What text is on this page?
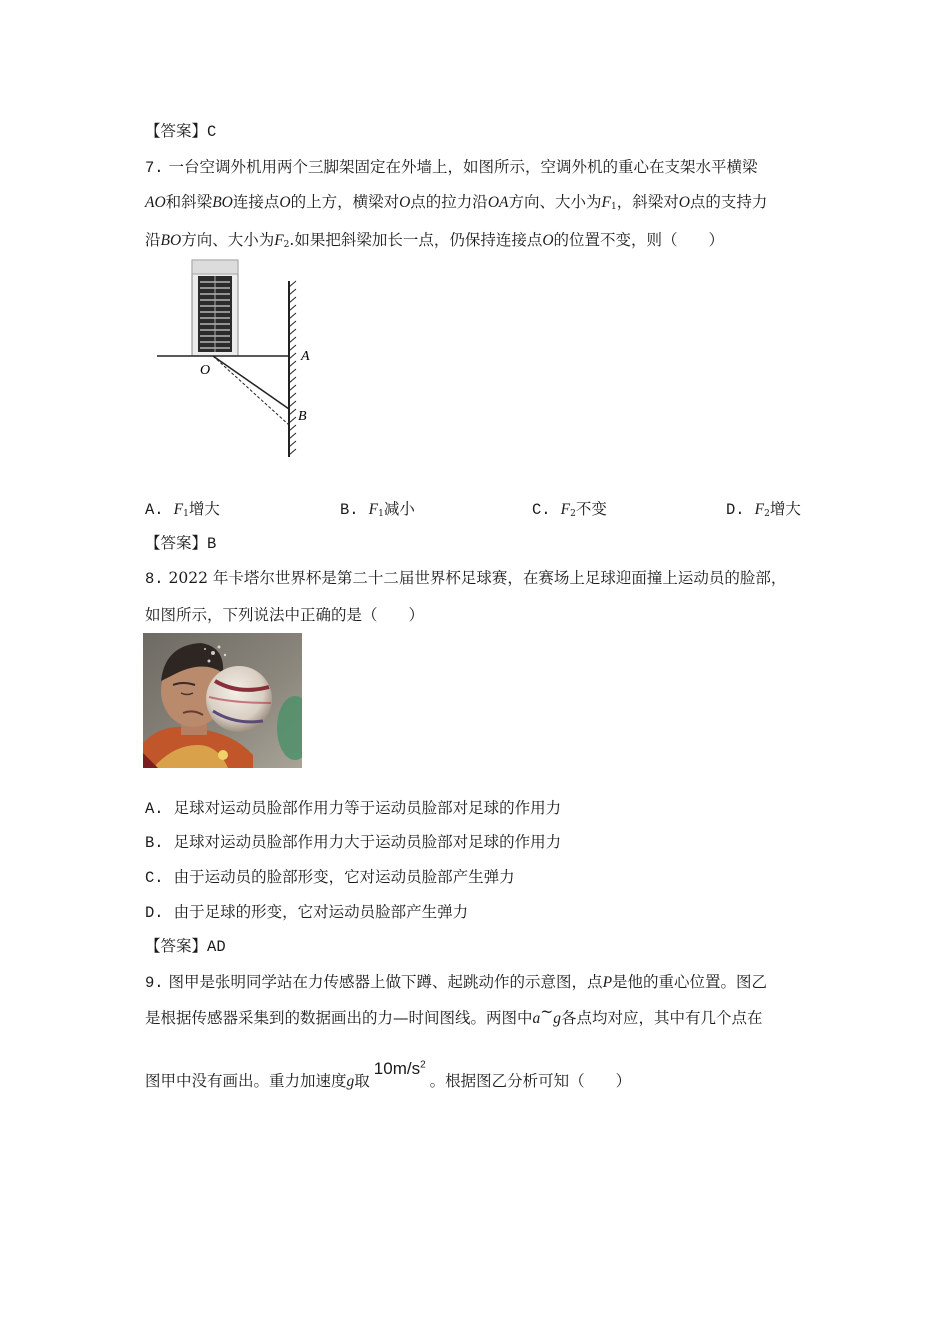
【答案】C
7. 一台空调外机用两个三脚架固定在外墙上，如图所示，空调外机的重心在支架水平横梁
AO和斜梁BO连接点O的上方，横梁对O点的拉力沿OA方向、大小为$F_1$，斜梁对O点的支持力
沿BO方向、大小为$F_2$.如果把斜梁加长一点，仍保持连接点O的位置不变，则（　　）
A
O
B
A. $F_1$增大	B. $F_1$减小	C. $F_2$不变	D. $F_2$增大
【答案】B
8. 2022 年卡塔尔世界杯是第二十二届世界杯足球赛，在赛场上足球迎面撞上运动员的脸部，
如图所示，下列说法中正确的是（　　）
A. 足球对运动员脸部作用力等于运动员脸部对足球的作用力
B. 足球对运动员脸部作用力大于运动员脸部对足球的作用力
C. 由于运动员的脸部形变，它对运动员脸部产生弹力
D. 由于足球的形变，它对运动员脸部产生弹力
【答案】AD
9. 图甲是张明同学站在力传感器上做下蹲、起跳动作的示意图，点P是他的重心位置。图乙
是根据传感器采集到的数据画出的力—时间图线。两图中a~g各点均对应，其中有几个点在
图甲中没有画出。重力加速度g取$10m/s^2$。根据图乙分析可知（　　）
